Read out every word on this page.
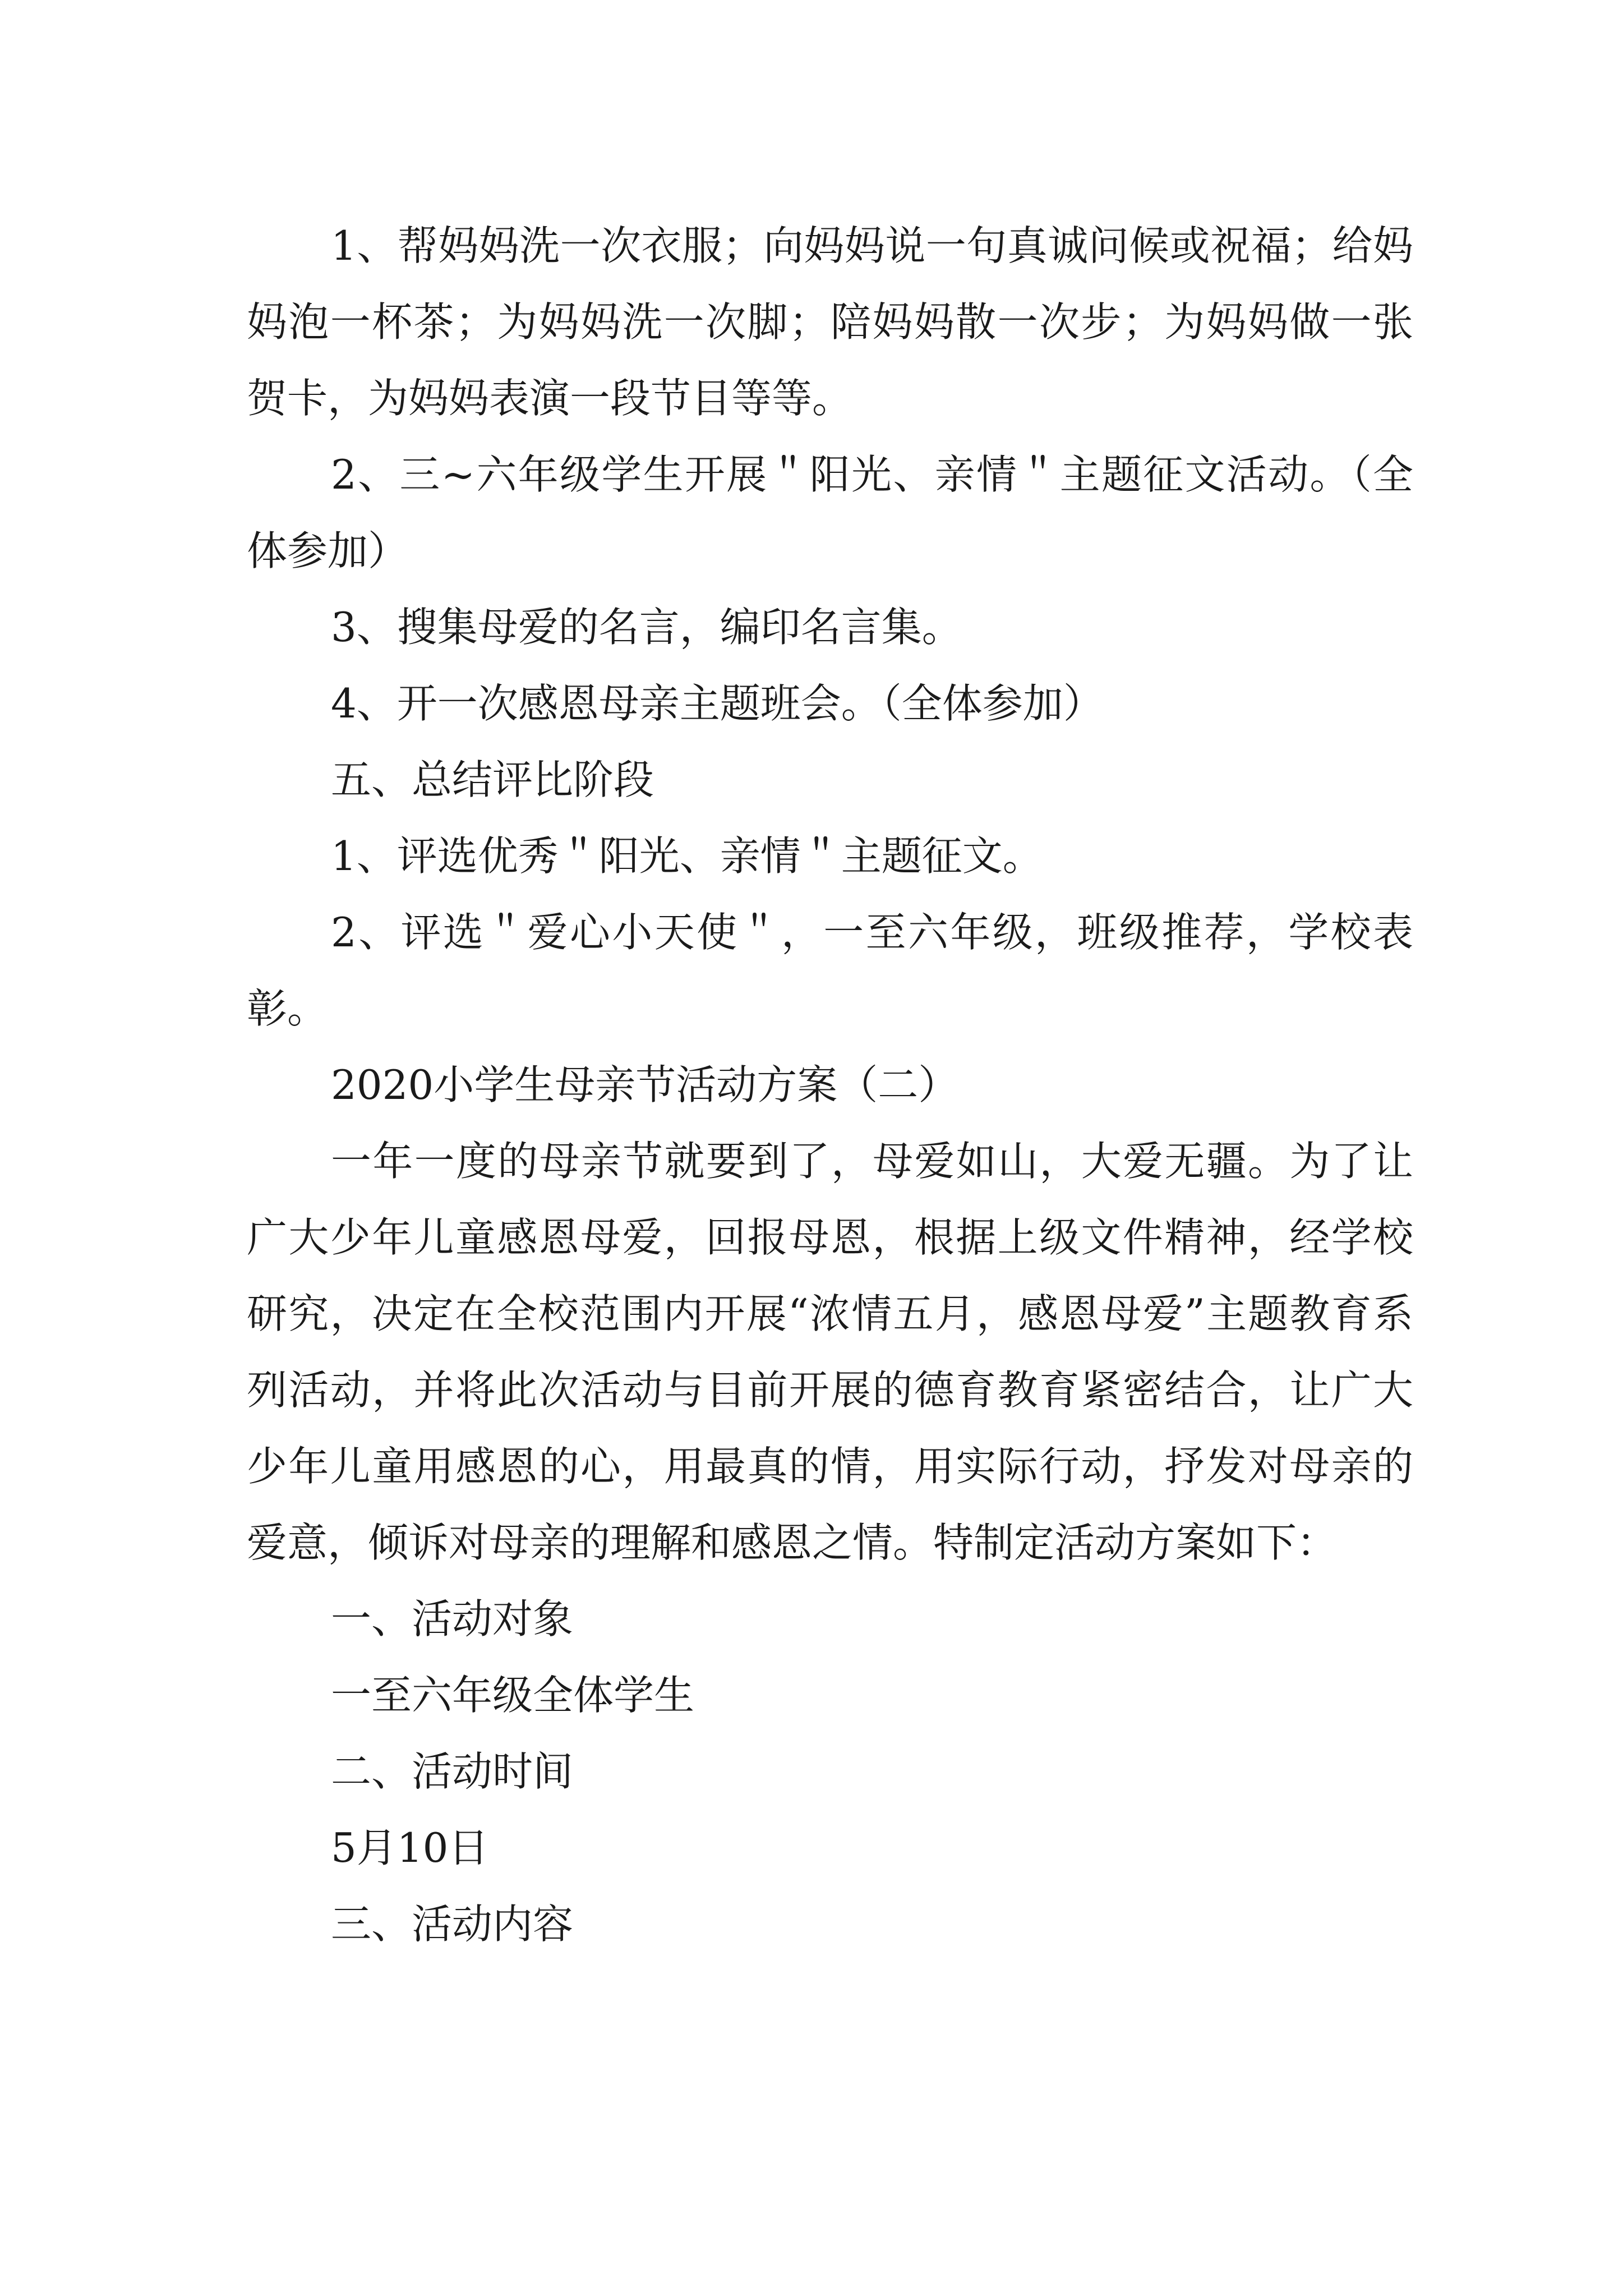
1、帮妈妈洗一次衣服；向妈妈说一句真诚问候或祝福；给妈妈泡一杯茶；为妈妈洗一次脚；陪妈妈散一次步；为妈妈做一张贺卡，为妈妈表演一段节目等等。

2、三~六年级学生开展＂阳光、亲情＂主题征文活动。（全体参加）

3、搜集母爱的名言，编印名言集。

4、开一次感恩母亲主题班会。（全体参加）

五、总结评比阶段

1、评选优秀＂阳光、亲情＂主题征文。

2、评选＂爱心小天使＂，一至六年级，班级推荐，学校表彰。

2020小学生母亲节活动方案（二）

一年一度的母亲节就要到了，母爱如山，大爱无疆。为了让广大少年儿童感恩母爱，回报母恩，根据上级文件精神，经学校研究，决定在全校范围内开展“浓情五月，感恩母爱”主题教育系列活动，并将此次活动与目前开展的德育教育紧密结合，让广大少年儿童用感恩的心，用最真的情，用实际行动，抒发对母亲的爱意，倾诉对母亲的理解和感恩之情。特制定活动方案如下：

一、活动对象

一至六年级全体学生

二、活动时间

5月10日

三、活动内容
